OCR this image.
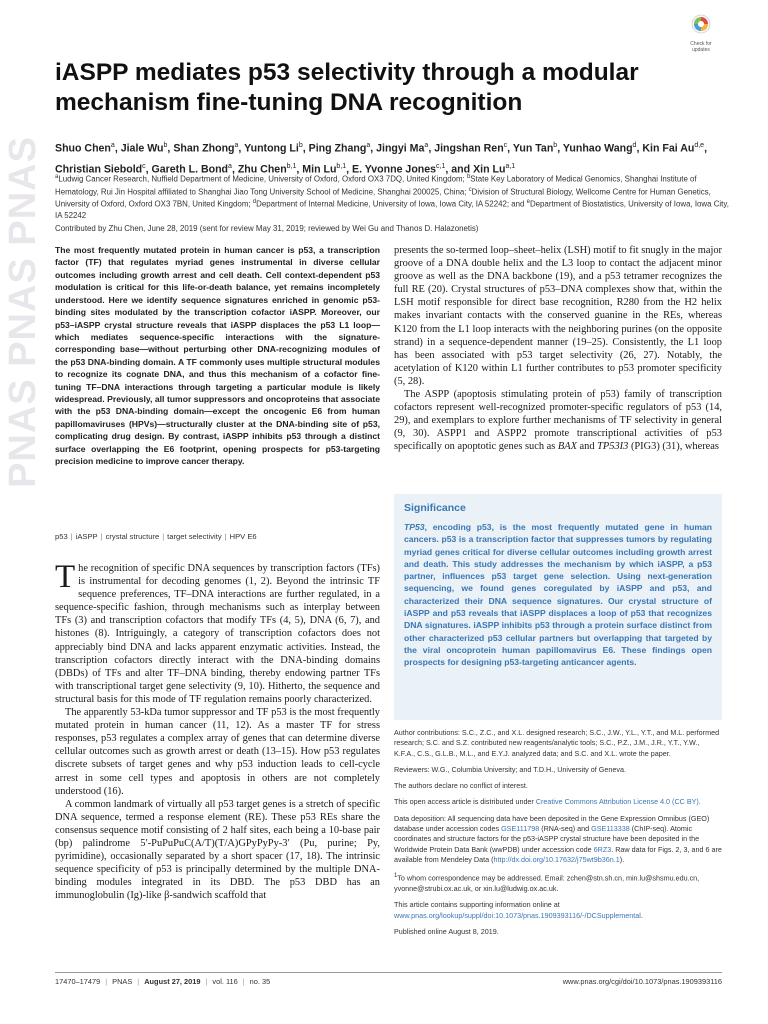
PNAS PNAS PNAS
Check for
updates
iASPP mediates p53 selectivity through a modular mechanism fine-tuning DNA recognition
Shuo Chen$^a$, Jiale Wu$^b$, Shan Zhong$^a$, Yuntong Li$^b$, Ping Zhang$^a$, Jingyi Ma$^a$, Jingshan Ren$^c$, Yun Tan$^b$, Yunhao Wang$^d$, Kin Fai Au$^{d,e}$, Christian Siebold$^c$, Gareth L. Bond$^a$, Zhu Chen$^{b,1}$, Min Lu$^{b,1}$, E. Yvonne Jones$^{c,1}$, and Xin Lu$^{a,1}$
$^a$Ludwig Cancer Research, Nuffield Department of Medicine, University of Oxford, Oxford OX3 7DQ, United Kingdom; $^b$State Key Laboratory of Medical Genomics, Shanghai Institute of Hematology, Rui Jin Hospital affiliated to Shanghai Jiao Tong University School of Medicine, Shanghai 200025, China; $^c$Division of Structural Biology, Wellcome Centre for Human Genetics, University of Oxford, Oxford OX3 7BN, United Kingdom; $^d$Department of Internal Medicine, University of Iowa, Iowa City, IA 52242; and $^e$Department of Biostatistics, University of Iowa, Iowa City, IA 52242
Contributed by Zhu Chen, June 28, 2019 (sent for review May 31, 2019; reviewed by Wei Gu and Thanos D. Halazonetis)
The most frequently mutated protein in human cancer is p53, a transcription factor (TF) that regulates myriad genes instrumental in diverse cellular outcomes including growth arrest and cell death. Cell context-dependent p53 modulation is critical for this life-or-death balance, yet remains incompletely understood. Here we identify sequence signatures enriched in genomic p53-binding sites modulated by the transcription cofactor iASPP. Moreover, our p53–iASPP crystal structure reveals that iASPP displaces the p53 L1 loop—which mediates sequence-specific interactions with the signature-corresponding base—without perturbing other DNA-recognizing modules of the p53 DNA-binding domain. A TF commonly uses multiple structural modules to recognize its cognate DNA, and thus this mechanism of a cofactor fine-tuning TF–DNA interactions through targeting a particular module is likely widespread. Previously, all tumor suppressors and oncoproteins that associate with the p53 DNA-binding domain—except the oncogenic E6 from human papillomaviruses (HPVs)—structurally cluster at the DNA-binding site of p53, complicating drug design. By contrast, iASPP inhibits p53 through a distinct surface overlapping the E6 footprint, opening prospects for p53-targeting precision medicine to improve cancer therapy.
p53 | iASPP | crystal structure | target selectivity | HPV E6

The recognition of specific DNA sequences by transcription factors (TFs) is instrumental for decoding genomes (1, 2). Beyond the intrinsic TF sequence preferences, TF–DNA interactions are further regulated, in a sequence-specific fashion, through mechanisms such as interplay between TFs (3) and transcription cofactors that modify TFs (4, 5), DNA (6, 7), and histones (8). Intriguingly, a category of transcription cofactors does not appreciably bind DNA and lacks apparent enzymatic activities. Instead, the transcription cofactors directly interact with the DNA-binding domains (DBDs) of TFs and alter TF–DNA binding, thereby endowing partner TFs with transcriptional target gene selectivity (9, 10). Hitherto, the sequence and structural basis for this mode of TF regulation remains poorly characterized.

The apparently 53-kDa tumor suppressor and TF p53 is the most frequently mutated protein in human cancer (11, 12). As a master TF for stress responses, p53 regulates a complex array of genes that can determine diverse cellular outcomes such as growth arrest or death (13–15). How p53 regulates discrete subsets of target genes and why p53 induction leads to cell-cycle arrest in some cell types and apoptosis in others are not completely understood (16).

A common landmark of virtually all p53 target genes is a stretch of specific DNA sequence, termed a response element (RE). These p53 REs share the consensus sequence motif consisting of 2 half sites, each being a 10-base pair (bp) palindrome 5′-PuPuPuC(A/T)(T/A)GPyPyPy-3′ (Pu, purine; Py, pyrimidine), occasionally separated by a short spacer (17, 18). The intrinsic sequence specificity of p53 is principally determined by the multiple DNA-binding modules integrated in its DBD. The p53 DBD has an immunoglobulin (Ig)-like β-sandwich scaffold that

presents the so-termed loop–sheet–helix (LSH) motif to fit snugly in the major groove of a DNA double helix and the L3 loop to contact the adjacent minor groove as well as the DNA backbone (19), and a p53 tetramer recognizes the full RE (20). Crystal structures of p53–DNA complexes show that, within the LSH motif responsible for direct base recognition, R280 from the H2 helix makes invariant contacts with the conserved guanine in the REs, whereas K120 from the L1 loop interacts with the neighboring purines (on the opposite strand) in a sequence-dependent manner (19–25). Consistently, the L1 loop has been associated with p53 target selectivity (26, 27). Notably, the acetylation of K120 within L1 further contributes to p53 promoter specificity (5, 28).

The ASPP (apoptosis stimulating protein of p53) family of transcription cofactors represent well-recognized promoter-specific regulators of p53 (14, 29), and exemplars to explore further mechanisms of TF selectivity in general (9, 30). ASPP1 and ASPP2 promote transcriptional activities of p53 specifically on apoptotic genes such as BAX and TP53I3 (PIG3) (31), whereas

Significance
TP53, encoding p53, is the most frequently mutated gene in human cancers. p53 is a transcription factor that suppresses tumors by regulating myriad genes critical for diverse cellular outcomes including growth arrest and death. This study addresses the mechanism by which iASPP, a p53 partner, influences p53 target gene selection. Using next-generation sequencing, we found genes coregulated by iASPP and p53, and characterized their DNA sequence signatures. Our crystal structure of iASPP and p53 reveals that iASPP displaces a loop of p53 that recognizes DNA signatures. iASPP inhibits p53 through a protein surface distinct from other characterized p53 cellular partners but overlapping that targeted by the viral oncoprotein human papillomavirus E6. These findings open prospects for designing p53-targeting anticancer agents.

Author contributions: S.C., Z.C., and X.L. designed research; S.C., J.W., Y.L., Y.T., and M.L. performed research; S.C. and S.Z. contributed new reagents/analytic tools; S.C., P.Z., J.M., J.R., Y.T., Y.W., K.F.A., C.S., G.L.B., M.L., and E.Y.J. analyzed data; and S.C. and X.L. wrote the paper.

Reviewers: W.G., Columbia University; and T.D.H., University of Geneva.

The authors declare no conflict of interest.

This open access article is distributed under Creative Commons Attribution License 4.0 (CC BY).

Data deposition: All sequencing data have been deposited in the Gene Expression Omnibus (GEO) database under accession codes GSE111798 (RNA-seq) and GSE113338 (ChIP-seq). Atomic coordinates and structure factors for the p53-iASPP crystal structure have been deposited in the Worldwide Protein Data Bank (wwPDB) under accession code 6RZ3. Raw data for Figs. 2, 3, and 6 are available from Mendeley Data (http://dx.doi.org/10.17632/j75wt9b36n.1).

$^1$To whom correspondence may be addressed. Email: zchen@stn.sh.cn, min.lu@shsmu.edu.cn, yvonne@strubi.ox.ac.uk, or xin.lu@ludwig.ox.ac.uk.

This article contains supporting information online at www.pnas.org/lookup/suppl/doi:10.1073/pnas.1909393116/-/DCSupplemental.

Published online August 8, 2019.

17470–17479 | PNAS | August 27, 2019 | vol. 116 | no. 35	www.pnas.org/cgi/doi/10.1073/pnas.1909393116
